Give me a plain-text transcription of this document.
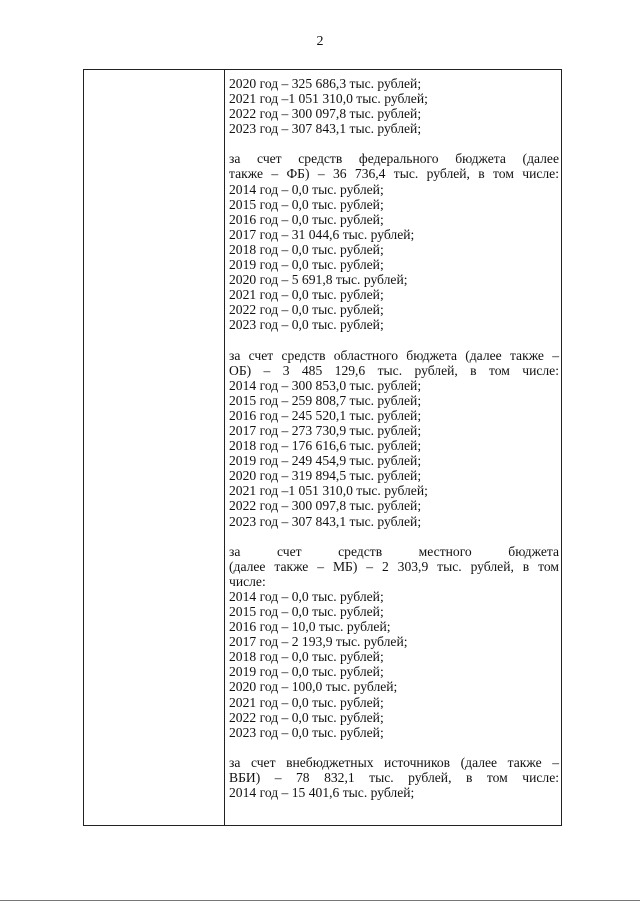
2
2020 год – 325 686,3 тыс. рублей;
2021 год –1 051 310,0 тыс. рублей;
2022 год – 300 097,8 тыс. рублей;
2023 год – 307 843,1 тыс. рублей;
за счет средств федерального бюджета (далее
также – ФБ) – 36 736,4 тыс. рублей, в том числе:
2014 год – 0,0 тыс. рублей;
2015 год – 0,0 тыс. рублей;
2016 год – 0,0 тыс. рублей;
2017 год – 31 044,6 тыс. рублей;
2018 год – 0,0 тыс. рублей;
2019 год – 0,0 тыс. рублей;
2020 год – 5 691,8 тыс. рублей;
2021 год – 0,0 тыс. рублей;
2022 год – 0,0 тыс. рублей;
2023 год – 0,0 тыс. рублей;
за счет средств областного бюджета (далее также –
ОБ) – 3 485 129,6 тыс. рублей, в том числе:
2014 год – 300 853,0 тыс. рублей;
2015 год – 259 808,7 тыс. рублей;
2016 год – 245 520,1 тыс. рублей;
2017 год – 273 730,9 тыс. рублей;
2018 год – 176 616,6 тыс. рублей;
2019 год – 249 454,9 тыс. рублей;
2020 год – 319 894,5 тыс. рублей;
2021 год –1 051 310,0 тыс. рублей;
2022 год – 300 097,8 тыс. рублей;
2023 год – 307 843,1 тыс. рублей;
за счет средств местного бюджета
(далее также – МБ) – 2 303,9 тыс. рублей, в том
числе:
2014 год – 0,0 тыс. рублей;
2015 год – 0,0 тыс. рублей;
2016 год – 10,0 тыс. рублей;
2017 год – 2 193,9 тыс. рублей;
2018 год – 0,0 тыс. рублей;
2019 год – 0,0 тыс. рублей;
2020 год – 100,0 тыс. рублей;
2021 год – 0,0 тыс. рублей;
2022 год – 0,0 тыс. рублей;
2023 год – 0,0 тыс. рублей;
за счет внебюджетных источников (далее также –
ВБИ) – 78 832,1 тыс. рублей, в том числе:
2014 год – 15 401,6 тыс. рублей;
